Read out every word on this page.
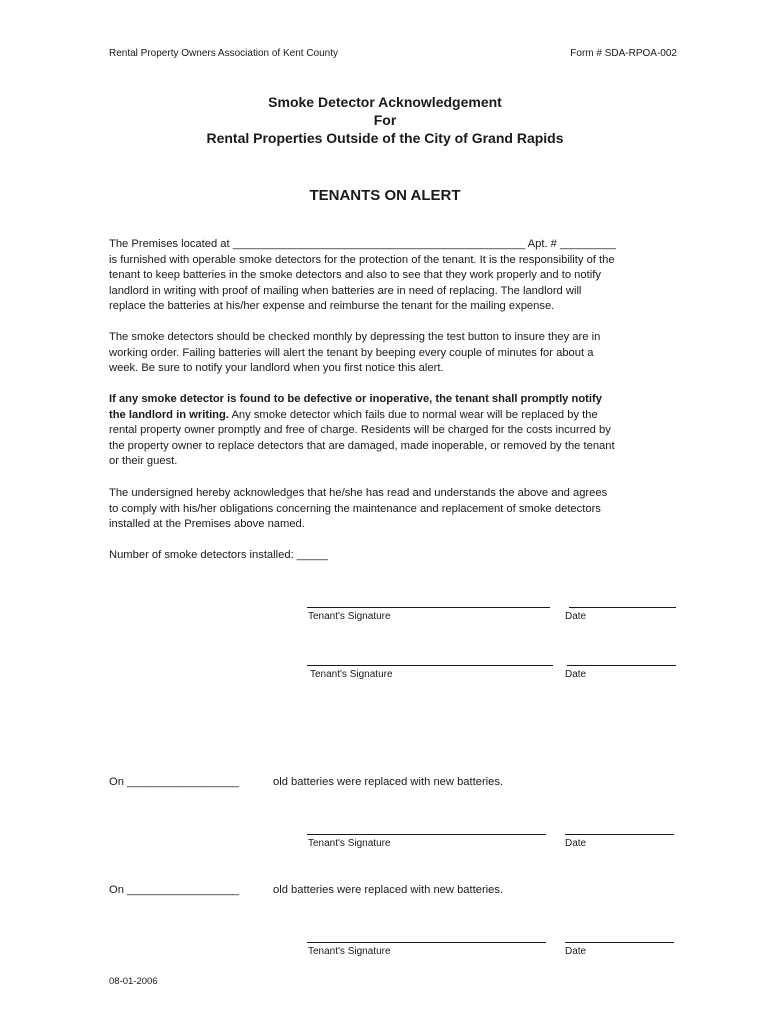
Rental Property Owners Association of Kent County	Form # SDA-RPOA-002
Smoke Detector Acknowledgement
For
Rental Properties Outside of the City of Grand Rapids
TENANTS ON ALERT

The Premises located at _______________________________________________ Apt. # _________

is furnished with operable smoke detectors for the protection of the tenant. It is the responsibility of the

tenant to keep batteries in the smoke detectors and also to see that they work properly and to notify

landlord in writing with proof of mailing when batteries are in need of replacing. The landlord will

replace the batteries at his/her expense and reimburse the tenant for the mailing expense.

The smoke detectors should be checked monthly by depressing the test button to insure they are in

working order. Failing batteries will alert the tenant by beeping every couple of minutes for about a

week. Be sure to notify your landlord when you first notice this alert.

If any smoke detector is found to be defective or inoperative, the tenant shall promptly notify

the landlord in writing. Any smoke detector which fails due to normal wear will be replaced by the

rental property owner promptly and free of charge. Residents will be charged for the costs incurred by

the property owner to replace detectors that are damaged, made inoperable, or removed by the tenant

or their guest.

The undersigned hereby acknowledges that he/she has read and understands the above and agrees

to comply with his/her obligations concerning the maintenance and replacement of smoke detectors

installed at the Premises above named.

Number of smoke detectors installed: _____
Tenant's Signature	Date
Tenant's Signature	Date
On __________________	old batteries were replaced with new batteries.
Tenant's Signature	Date
On __________________	old batteries were replaced with new batteries.
Tenant's Signature	Date
08-01-2006
